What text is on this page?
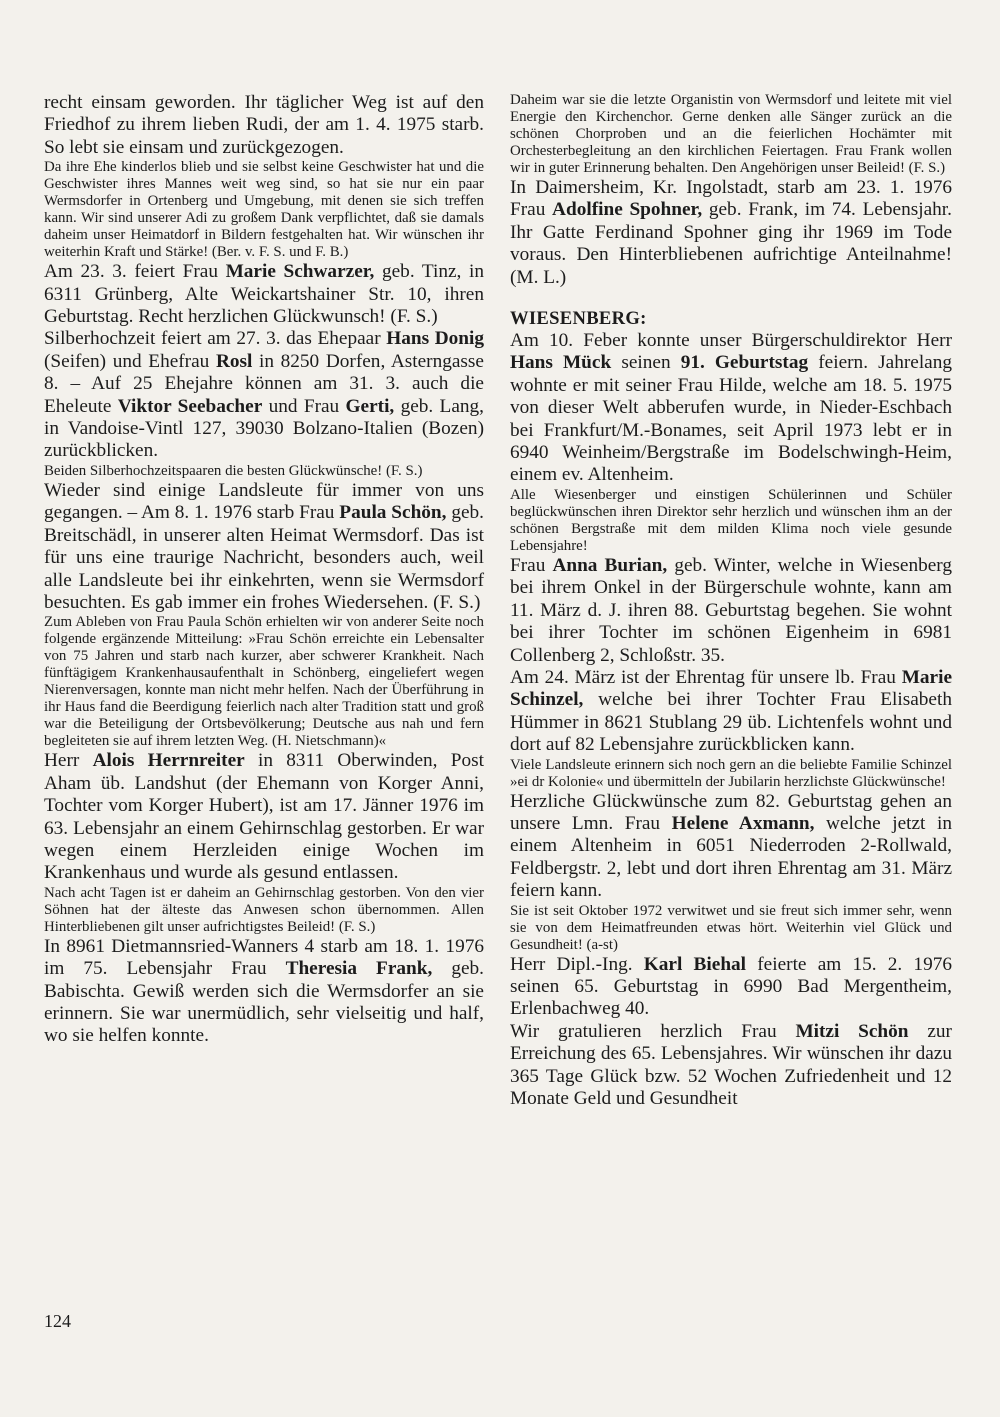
recht einsam geworden. Ihr täglicher Weg ist auf den Friedhof zu ihrem lieben Rudi, der am 1. 4. 1975 starb. So lebt sie einsam und zurückgezogen.

Da ihre Ehe kinderlos blieb und sie selbst keine Geschwister hat und die Geschwister ihres Mannes weit weg sind, so hat sie nur ein paar Wermsdorfer in Ortenberg und Umgebung, mit denen sie sich treffen kann. Wir sind unserer Adi zu großem Dank verpflichtet, daß sie damals daheim unser Heimatdorf in Bildern festgehalten hat. Wir wünschen ihr weiterhin Kraft und Stärke! (Ber. v. F. S. und F. B.)

Am 23. 3. feiert Frau Marie Schwarzer, geb. Tinz, in 6311 Grünberg, Alte Weickartshainer Str. 10, ihren Geburtstag. Recht herzlichen Glückwunsch! (F. S.)

Silberhochzeit feiert am 27. 3. das Ehepaar Hans Donig (Seifen) und Ehefrau Rosl in 8250 Dorfen, Asterngasse 8. – Auf 25 Ehejahre können am 31. 3. auch die Eheleute Viktor Seebacher und Frau Gerti, geb. Lang, in Vandoise-Vintl 127, 39030 Bolzano-Italien (Bozen) zurückblicken.

Beiden Silberhochzeitspaaren die besten Glückwünsche! (F. S.)

Wieder sind einige Landsleute für immer von uns gegangen. – Am 8. 1. 1976 starb Frau Paula Schön, geb. Breitschädl, in unserer alten Heimat Wermsdorf. Das ist für uns eine traurige Nachricht, besonders auch, weil alle Landsleute bei ihr einkehrten, wenn sie Wermsdorf besuchten. Es gab immer ein frohes Wiedersehen. (F. S.)

Zum Ableben von Frau Paula Schön erhielten wir von anderer Seite noch folgende ergänzende Mitteilung: »Frau Schön erreichte ein Lebensalter von 75 Jahren und starb nach kurzer, aber schwerer Krankheit. Nach fünftägigem Krankenhausaufenthalt in Schönberg, eingeliefert wegen Nierenversagen, konnte man nicht mehr helfen. Nach der Überführung in ihr Haus fand die Beerdigung feierlich nach alter Tradition statt und groß war die Beteiligung der Ortsbevölkerung; Deutsche aus nah und fern begleiteten sie auf ihrem letzten Weg. (H. Nietschmann)«

Herr Alois Herrnreiter in 8311 Oberwinden, Post Aham üb. Landshut (der Ehemann von Korger Anni, Tochter vom Korger Hubert), ist am 17. Jänner 1976 im 63. Lebensjahr an einem Gehirnschlag gestorben. Er war wegen einem Herzleiden einige Wochen im Krankenhaus und wurde als gesund entlassen.

Nach acht Tagen ist er daheim an Gehirnschlag gestorben. Von den vier Söhnen hat der älteste das Anwesen schon übernommen. Allen Hinterbliebenen gilt unser aufrichtigstes Beileid! (F. S.)

In 8961 Dietmannsried-Wanners 4 starb am 18. 1. 1976 im 75. Lebensjahr Frau Theresia Frank, geb. Babischta. Gewiß werden sich die Wermsdorfer an sie erinnern. Sie war unermüdlich, sehr vielseitig und half, wo sie helfen konnte.

Daheim war sie die letzte Organistin von Wermsdorf und leitete mit viel Energie den Kirchenchor. Gerne denken alle Sänger zurück an die schönen Chorproben und an die feierlichen Hochämter mit Orchesterbegleitung an den kirchlichen Feiertagen. Frau Frank wollen wir in guter Erinnerung behalten. Den Angehörigen unser Beileid! (F. S.)

In Daimersheim, Kr. Ingolstadt, starb am 23. 1. 1976 Frau Adolfine Spohner, geb. Frank, im 74. Lebensjahr. Ihr Gatte Ferdinand Spohner ging ihr 1969 im Tode voraus. Den Hinterbliebenen aufrichtige Anteilnahme! (M. L.)

WIESENBERG:

Am 10. Feber konnte unser Bürgerschuldirektor Herr Hans Mück seinen 91. Geburtstag feiern. Jahrelang wohnte er mit seiner Frau Hilde, welche am 18. 5. 1975 von dieser Welt abberufen wurde, in Nieder-Eschbach bei Frankfurt/M.-Bonames, seit April 1973 lebt er in 6940 Weinheim/Bergstraße im Bodelschwingh-Heim, einem ev. Altenheim.

Alle Wiesenberger und einstigen Schülerinnen und Schüler beglückwünschen ihren Direktor sehr herzlich und wünschen ihm an der schönen Bergstraße mit dem milden Klima noch viele gesunde Lebensjahre!

Frau Anna Burian, geb. Winter, welche in Wiesenberg bei ihrem Onkel in der Bürgerschule wohnte, kann am 11. März d. J. ihren 88. Geburtstag begehen. Sie wohnt bei ihrer Tochter im schönen Eigenheim in 6981 Collenberg 2, Schloßstr. 35.

Am 24. März ist der Ehrentag für unsere lb. Frau Marie Schinzel, welche bei ihrer Tochter Frau Elisabeth Hümmer in 8621 Stublang 29 üb. Lichtenfels wohnt und dort auf 82 Lebensjahre zurückblicken kann.

Viele Landsleute erinnern sich noch gern an die beliebte Familie Schinzel »ei dr Kolonie« und übermitteln der Jubilarin herzlichste Glückwünsche!

Herzliche Glückwünsche zum 82. Geburtstag gehen an unsere Lmn. Frau Helene Axmann, welche jetzt in einem Altenheim in 6051 Niederroden 2-Rollwald, Feldbergstr. 2, lebt und dort ihren Ehrentag am 31. März feiern kann.

Sie ist seit Oktober 1972 verwitwet und sie freut sich immer sehr, wenn sie von dem Heimatfreunden etwas hört. Weiterhin viel Glück und Gesundheit! (a-st)

Herr Dipl.-Ing. Karl Biehal feierte am 15. 2. 1976 seinen 65. Geburtstag in 6990 Bad Mergentheim, Erlenbachweg 40.

Wir gratulieren herzlich Frau Mitzi Schön zur Erreichung des 65. Lebensjahres. Wir wünschen ihr dazu 365 Tage Glück bzw. 52 Wochen Zufriedenheit und 12 Monate Geld und Gesundheit

124
